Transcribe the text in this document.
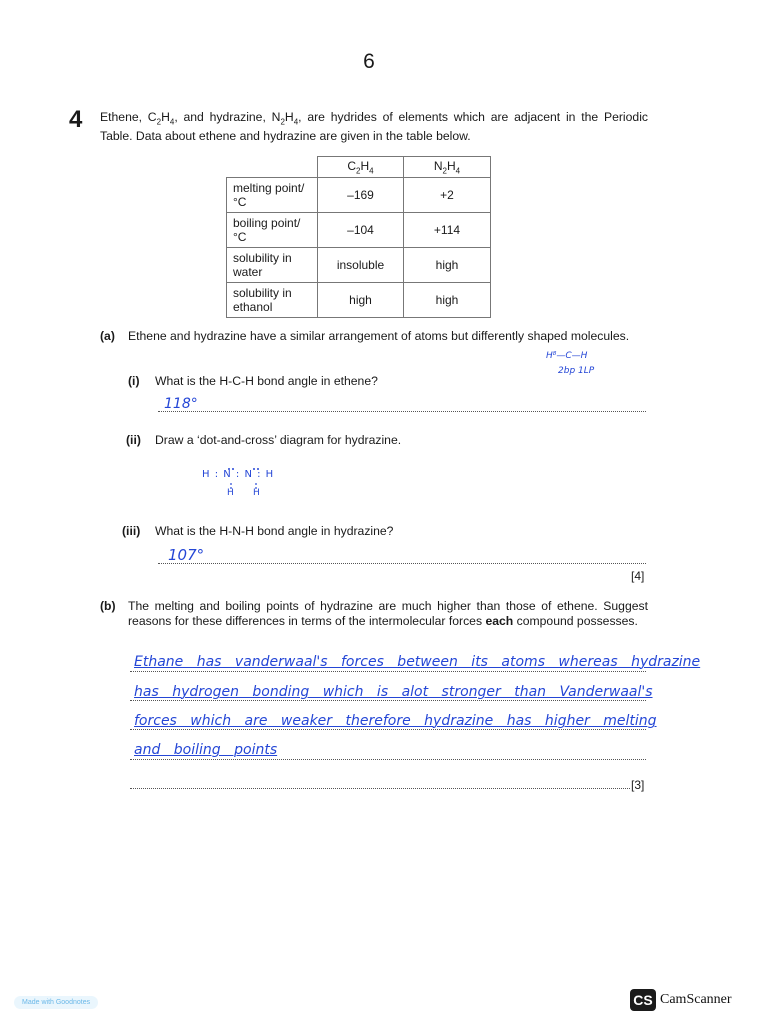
6
4 Ethene, $C_2H_4$, and hydrazine, $N_2H_4$, are hydrides of elements which are adjacent in the Periodic Table. Data about ethene and hydrazine are given in the table below.
	$C_2H_4$	$N_2H_4$
melting point/°C	–169	+2
boiling point/°C	–104	+114
solubility in water	insoluble	high
solubility in ethanol	high	high
(a) Ethene and hydrazine have a similar arrangement of atoms but differently shaped molecules.
H⁸—C—H
2bp 1LP
(i) What is the H-C-H bond angle in ethene?
118°
(ii) Draw a ‘dot-and-cross’ diagram for hydrazine.
H : N : N : H
H H
(iii) What is the H-N-H bond angle in hydrazine?
107°
[4]
(b) The melting and boiling points of hydrazine are much higher than those of ethene. Suggest reasons for these differences in terms of the intermolecular forces each compound possesses.
Ethane has vanderwaal's forces between its atoms whereas hydrazine
has hydrogen bonding which is alot stronger than Vanderwaal's
forces which are weaker therefore hydrazine has higher melting
and boiling points
[3]
Made with Goodnotes	CS CamScanner
